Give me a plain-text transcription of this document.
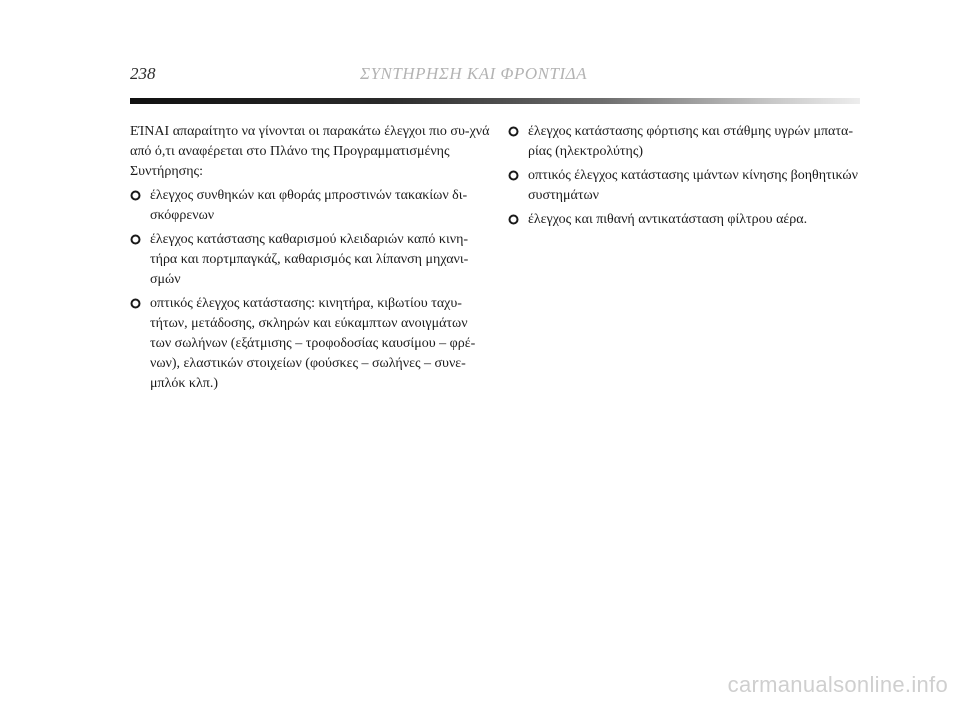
238	ΣΥΝΤΗΡΗΣΗ ΚΑΙ ΦΡΟΝΤΙΔΑ

ΕΊΝΑΙ απαραίτητο να γίνονται οι παρακάτω έλεγχοι πιο συ-χνά από ό,τι αναφέρεται στο Πλάνο της Προγραμματισμένης Συντήρησης:

έλεγχος συνθηκών και φθοράς μπροστινών τακακίων δι-σκόφρενων
έλεγχος κατάστασης καθαρισμού κλειδαριών καπό κινη-τήρα και πορτμπαγκάζ, καθαρισμός και λίπανση μηχανι-σμών
οπτικός έλεγχος κατάστασης: κινητήρα, κιβωτίου ταχυ-τήτων, μετάδοσης, σκληρών και εύκαμπτων ανοιγμάτων των σωλήνων (εξάτμισης – τροφοδοσίας καυσίμου – φρέ-νων), ελαστικών στοιχείων (φούσκες – σωλήνες – συνε-μπλόκ κλπ.)
έλεγχος κατάστασης φόρτισης και στάθμης υγρών μπατα-ρίας (ηλεκτρολύτης)
οπτικός έλεγχος κατάστασης ιμάντων κίνησης βοηθητικών συστημάτων
έλεγχος και πιθανή αντικατάσταση φίλτρου αέρα.
carmanualsonline.info
